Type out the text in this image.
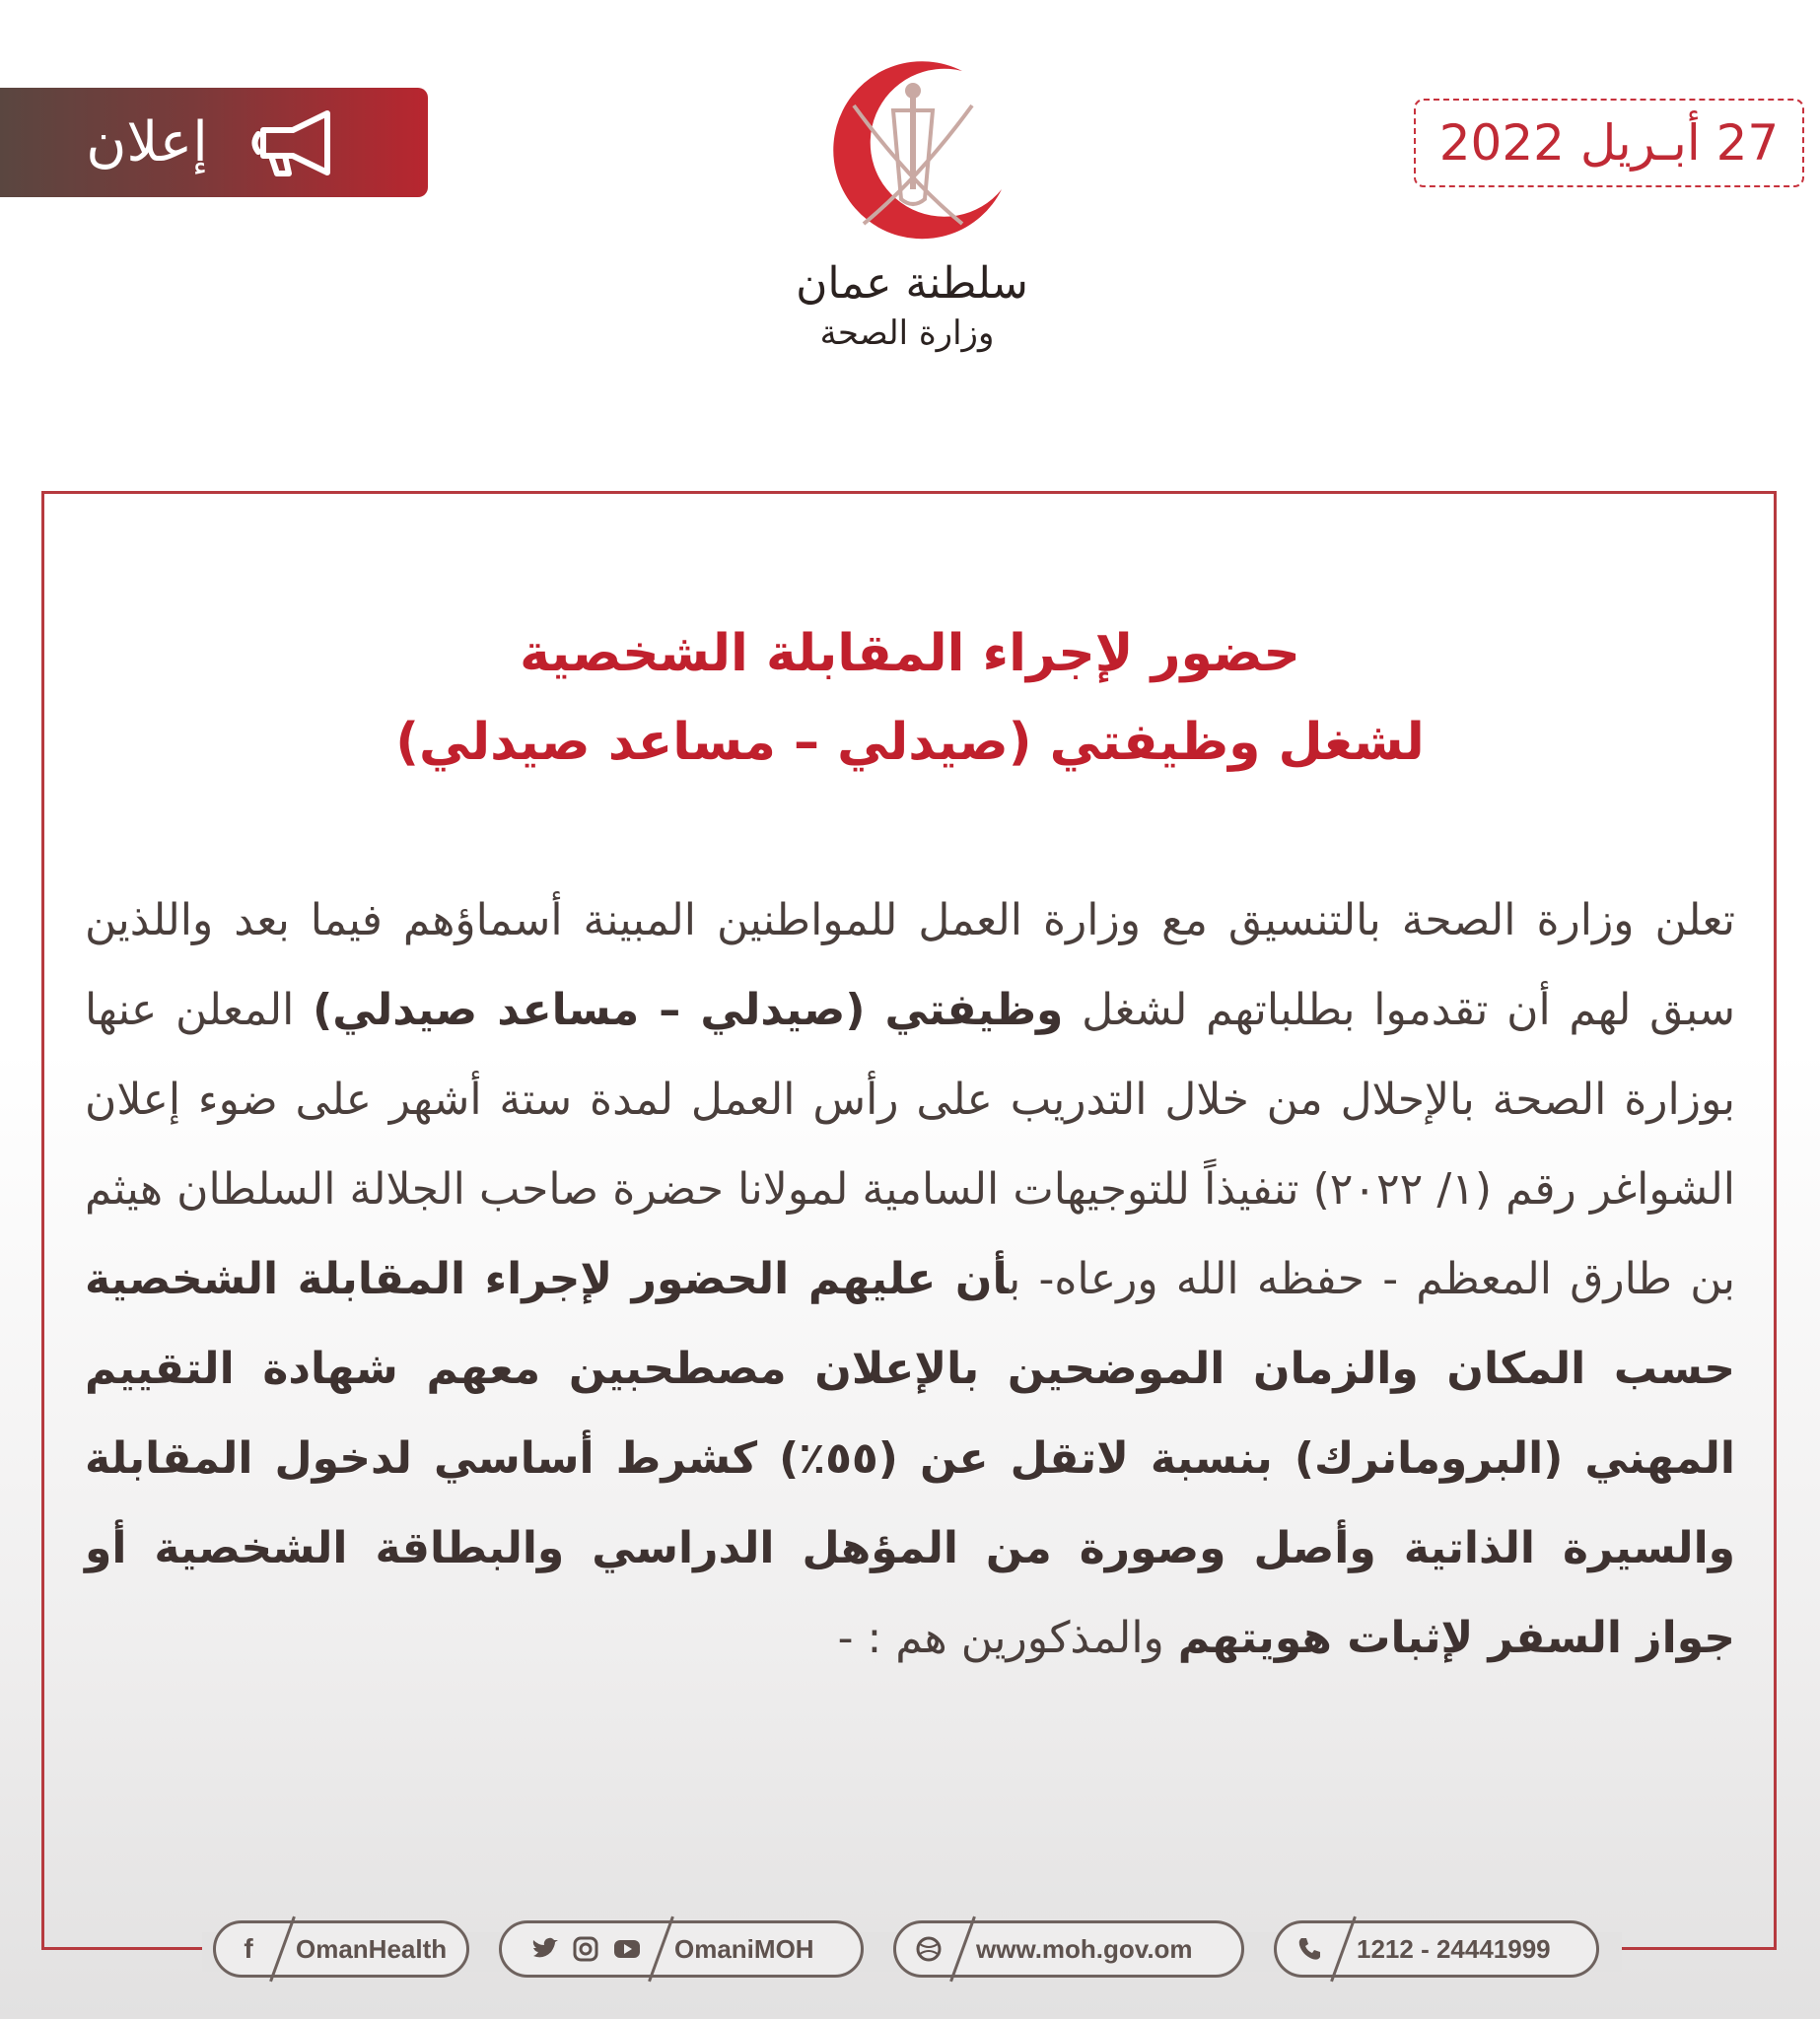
إعلان	27 أبـريل 2022
سلطنة عمان
وزارة الصحة
حضور لإجراء المقابلة الشخصية
لشغل وظيفتي (صيدلي – مساعد صيدلي)
تعلن وزارة الصحة بالتنسيق مع وزارة العمل للمواطنين المبينة أسماؤهم فيما بعد واللذين سبق لهم أن تقدموا بطلباتهم لشغل وظيفتي (صيدلي – مساعد صيدلي) المعلن عنها بوزارة الصحة بالإحلال من خلال التدريب على رأس العمل لمدة ستة أشهر على ضوء إعلان الشواغر رقم (١/ ٢٠٢٢) تنفيذاً للتوجيهات السامية لمولانا حضرة صاحب الجلالة السلطان هيثم بن طارق المعظم - حفظه الله ورعاه- بأن عليهم الحضور لإجراء المقابلة الشخصية حسب المكان والزمان الموضحين بالإعلان مصطحبين معهم شهادة التقييم المهني (البرومانرك) بنسبة لاتقل عن (٥٥٪) كشرط أساسي لدخول المقابلة والسيرة الذاتية وأصل وصورة من المؤهل الدراسي والبطاقة الشخصية أو جواز السفر لإثبات هويتهم والمذكورين هم : -
f	OmanHealth	OmaniMOH	www.moh.gov.om	1212 - 24441999
